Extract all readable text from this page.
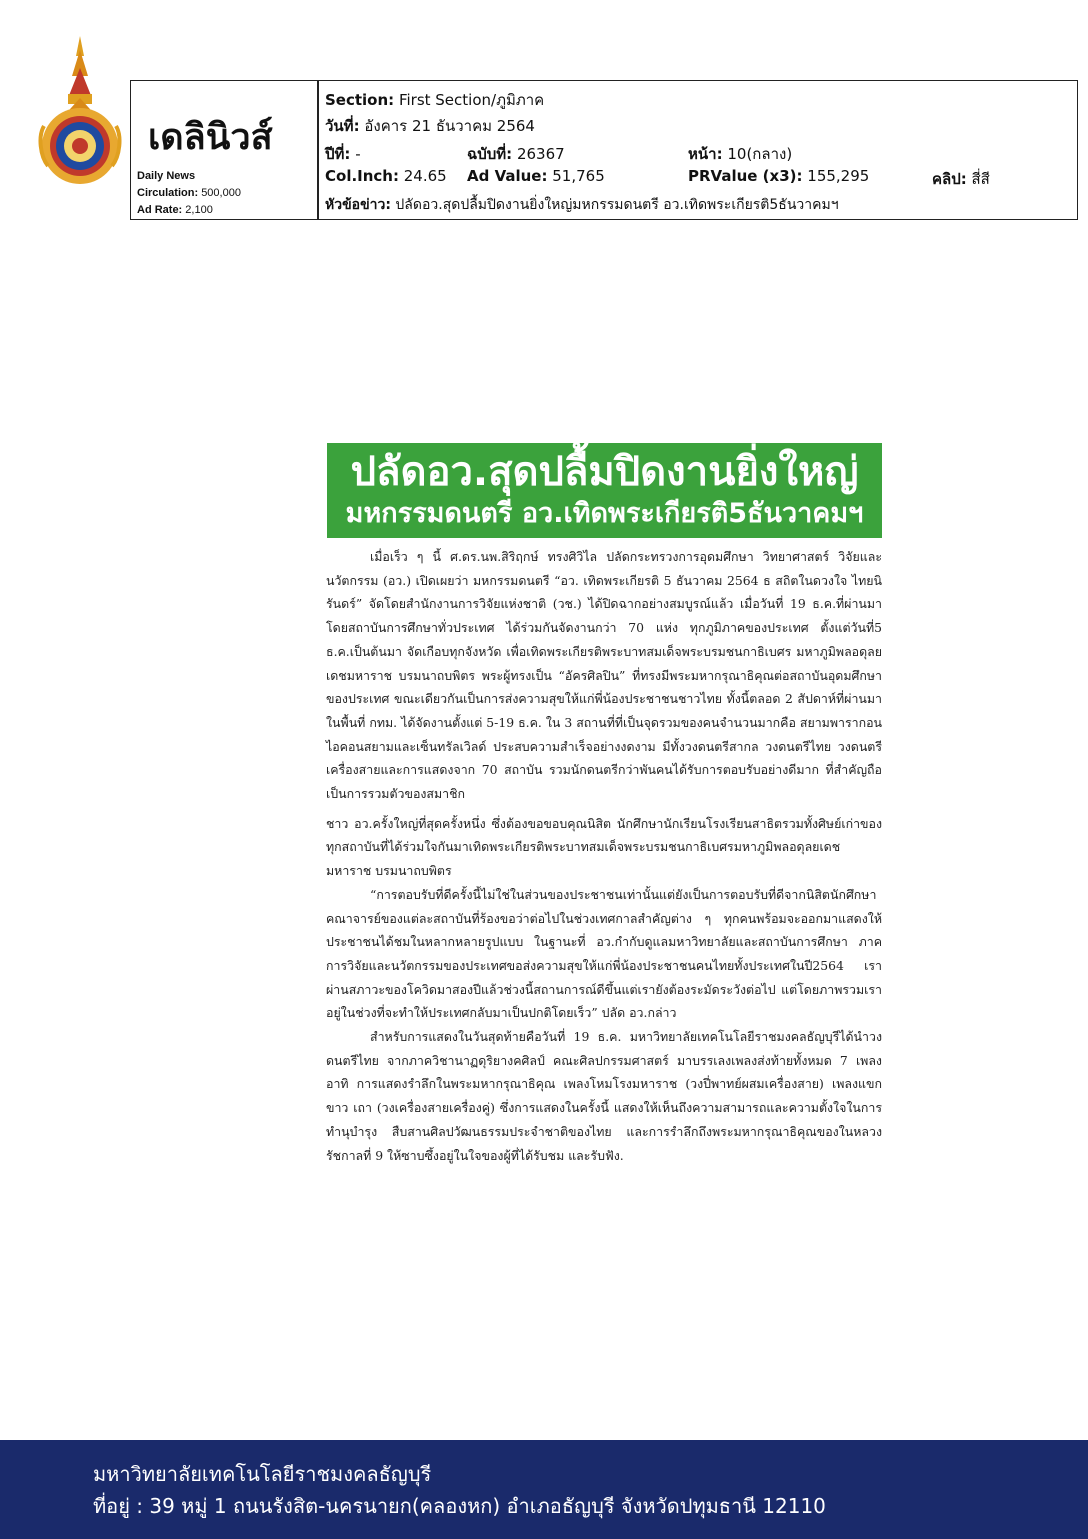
เดลินิวส์
Daily News
Circulation: 500,000
Ad Rate: 2,100
Section: First Section/ภูมิภาค
วันที่: อังคาร 21 ธันวาคม 2564
ปีที่: -	ฉบับที่: 26367	หน้า: 10(กลาง)
Col.Inch: 24.65 Ad Value: 51,765	PRValue (x3): 155,295	คลิป: สี่สี
หัวข้อข่าว: ปลัดอว.สุดปลื้มปิดงานยิ่งใหญ่มหกรรมดนตรี อว.เทิดพระเกียรติ5ธันวาคมฯ
ปลัดอว.สุดปลื้มปิดงานยิ่งใหญ่
มหกรรมดนตรี อว.เทิดพระเกียรติ5ธันวาคมฯ

เมื่อเร็ว ๆ นี้ ศ.ดร.นพ.สิริฤกษ์ ทรงศิวิไล ปลัดกระทรวงการอุดมศึกษา วิทยาศาสตร์ วิจัยและนวัตกรรม (อว.) เปิดเผยว่า มหกรรมดนตรี “อว. เทิดพระเกียรติ 5 ธันวาคม 2564 ธ สถิตในดวงใจ ไทยนิรันดร์” จัดโดยสำนักงานการวิจัยแห่งชาติ (วช.) ได้ปิดฉากอย่างสมบูรณ์แล้ว เมื่อวันที่ 19 ธ.ค.ที่ผ่านมา โดยสถาบันการศึกษาทั่วประเทศ ได้ร่วมกันจัดงานกว่า 70 แห่ง ทุกภูมิภาคของประเทศ ตั้งแต่วันที่5 ธ.ค.เป็นต้นมา จัดเกือบทุกจังหวัด เพื่อเทิดพระเกียรติพระบาทสมเด็จพระบรมชนกาธิเบศร มหาภูมิพลอดุลยเดชมหาราช บรมนาถบพิตร พระผู้ทรงเป็น “อัครศิลปิน” ที่ทรงมีพระมหากรุณาธิคุณต่อสถาบันอุดมศึกษาของประเทศ ขณะเดียวกันเป็นการส่งความสุขให้แก่พี่น้องประชาชนชาวไทย ทั้งนี้ตลอด 2 สัปดาห์ที่ผ่านมา ในพื้นที่ กทม. ได้จัดงานตั้งแต่ 5-19 ธ.ค. ใน 3 สถานที่ที่เป็นจุดรวมของคนจำนวนมากคือ สยามพารากอน ไอคอนสยามและเซ็นทรัลเวิลด์ ประสบความสำเร็จอย่างงดงาม มีทั้งวงดนตรีสากล วงดนตรีไทย วงดนตรีเครื่องสายและการแสดงจาก 70 สถาบัน รวมนักดนตรีกว่าพันคนได้รับการตอบรับอย่างดีมาก ที่สำคัญถือเป็นการรวมตัวของสมาชิก

ชาว อว.ครั้งใหญ่ที่สุดครั้งหนึ่ง ซึ่งต้องขอขอบคุณนิสิต นักศึกษานักเรียนโรงเรียนสาธิตรวมทั้งศิษย์เก่าของทุกสถาบันที่ได้ร่วมใจกันมาเทิดพระเกียรติพระบาทสมเด็จพระบรมชนกาธิเบศรมหาภูมิพลอดุลยเดชมหาราช บรมนาถบพิตร

“การตอบรับที่ดีครั้งนี้ไม่ใช่ในส่วนของประชาชนเท่านั้นแต่ยังเป็นการตอบรับที่ดีจากนิสิตนักศึกษาคณาจารย์ของแต่ละสถาบันที่ร้องขอว่าต่อไปในช่วงเทศกาลสำคัญต่าง ๆ ทุกคนพร้อมจะออกมาแสดงให้ประชาชนได้ชมในหลากหลายรูปแบบ ในฐานะที่ อว.กำกับดูแลมหาวิทยาลัยและสถาบันการศึกษา ภาคการวิจัยและนวัตกรรมของประเทศขอส่งความสุขให้แก่พี่น้องประชาชนคนไทยทั้งประเทศในปี2564 เราผ่านสภาวะของโควิดมาสองปีแล้วช่วงนี้สถานการณ์ดีขึ้นแต่เรายังต้องระมัดระวังต่อไป แต่โดยภาพรวมเราอยู่ในช่วงที่จะทำให้ประเทศกลับมาเป็นปกติโดยเร็ว” ปลัด อว.กล่าว

สำหรับการแสดงในวันสุดท้ายคือวันที่ 19 ธ.ค. มหาวิทยาลัยเทคโนโลยีราชมงคลธัญบุรีได้นำวงดนตรีไทย จากภาควิชานาฏดุริยางคศิลป์ คณะศิลปกรรมศาสตร์ มาบรรเลงเพลงส่งท้ายทั้งหมด 7 เพลง อาทิ การแสดงรำลึกในพระมหากรุณาธิคุณ เพลงโหมโรงมหาราช (วงปี่พาทย์ผสมเครื่องสาย) เพลงแขกขาว เถา (วงเครื่องสายเครื่องคู่) ซึ่งการแสดงในครั้งนี้ แสดงให้เห็นถึงความสามารถและความตั้งใจในการทำนุบำรุง สืบสานศิลปวัฒนธรรมประจำชาติของไทย และการรำลึกถึงพระมหากรุณาธิคุณของในหลวงรัชกาลที่ 9 ให้ซาบซึ้งอยู่ในใจของผู้ที่ได้รับชม และรับฟัง.

มหาวิทยาลัยเทคโนโลยีราชมงคลธัญบุรี
ที่อยู่ : 39 หมู่ 1 ถนนรังสิต-นครนายก(คลองหก) อำเภอธัญบุรี จังหวัดปทุมธานี 12110
